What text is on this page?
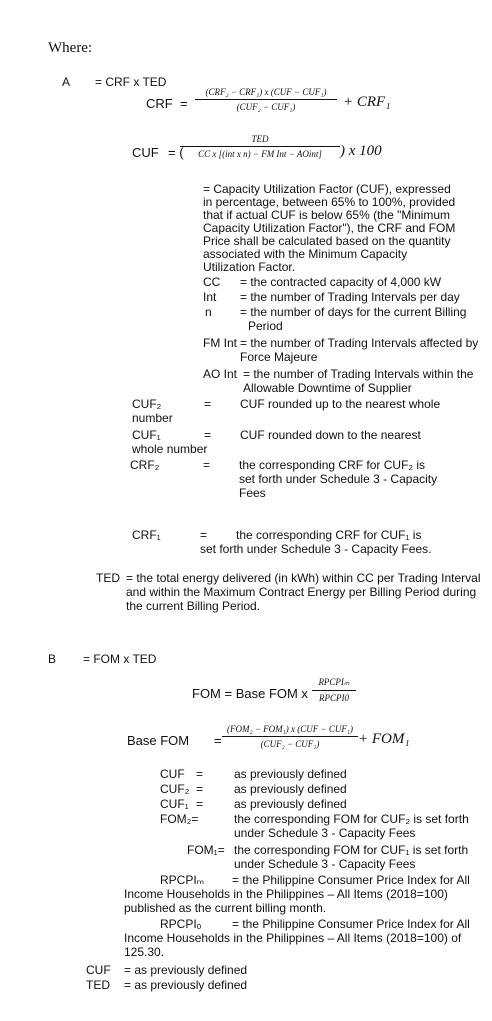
Where:
A = CRF x TED
CRF =
(CRF₂ − CRF₁) x (CUF − CUF₁)
(CUF₂ − CUF₁)	+ CRF₁
CUF = (
TED
CC x [(int x n) − FM Int − AOint]	) x 100
= Capacity Utilization Factor (CUF), expressed in percentage, between 65% to 100%, provided that if actual CUF is below 65% (the "Minimum Capacity Utilization Factor"), the CRF and FOM Price shall be calculated based on the quantity associated with the Minimum Capacity Utilization Factor.
CC = the contracted capacity of 4,000 kW
Int = the number of Trading Intervals per day
n = the number of days for the current Billing
Period
FM Int = the number of Trading Intervals affected by
Force Majeure
AO Int = the number of Trading Intervals within the
Allowable Downtime of Supplier
CUF₂	= CUF rounded up to the nearest whole
number
CUF₁	= CUF rounded down to the nearest
whole number
CRF₂	= the corresponding CRF for CUF₂ is
set forth under Schedule 3 - Capacity
Fees
CRF₁	= the corresponding CRF for CUF₁ is
set forth under Schedule 3 - Capacity Fees.
TED = the total energy delivered (in kWh) within CC per Trading Interval
and within the Maximum Contract Energy per Billing Period during
the current Billing Period.
B = FOM x TED
FOM = Base FOM x
RPCPIₘ
RPCPI0
Base FOM =
(FOM₂ − FOM₁) x (CUF − CUF₁)
(CUF₂ − CUF₁)	+ FOM₁
CUF =	as previously defined
CUF₂ =	as previously defined
CUF₁ =	as previously defined
FOM₂=	the corresponding FOM for CUF₂ is set forth
under Schedule 3 - Capacity Fees
FOM₁= the corresponding FOM for CUF₁ is set forth
under Schedule 3 - Capacity Fees
RPCPIₘ = the Philippine Consumer Price Index for All
Income Households in the Philippines – All Items (2018=100)
published as the current billing month.
RPCPIₒ	= the Philippine Consumer Price Index for All
Income Households in the Philippines – All Items (2018=100) of
125.30.
CUF = as previously defined
TED = as previously defined
